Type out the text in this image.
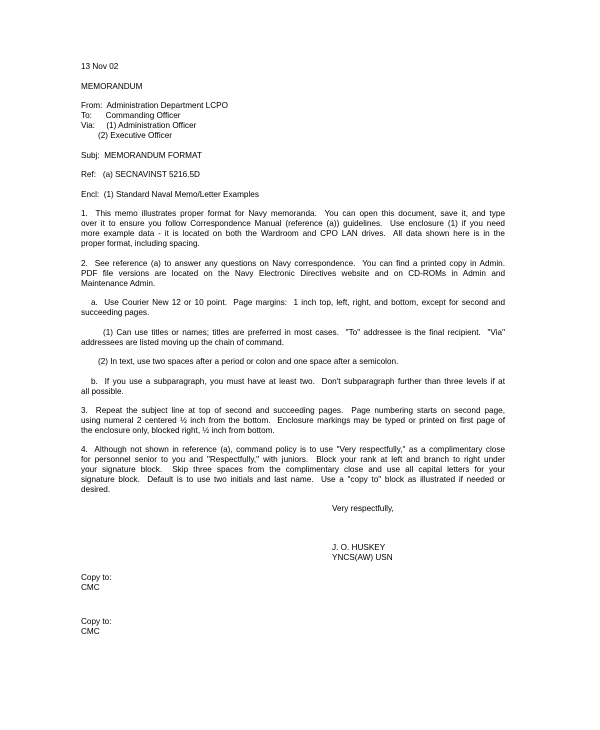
13 Nov 02
MEMORANDUM
From:  Administration Department LCPO
To:      Commanding Officer
Via:     (1) Administration Officer
(2) Executive Officer
Subj:  MEMORANDUM FORMAT
Ref:   (a) SECNAVINST 5216.5D
Encl:  (1) Standard Naval Memo/Letter Examples
1.  This memo illustrates proper format for Navy memoranda.  You can open this document, save it, and type
over it to ensure you follow Correspondence Manual (reference (a)) guidelines.  Use enclosure (1) if you need
more example data - it is located on both the Wardroom and CPO LAN drives.  All data shown here is in the
proper format, including spacing.
2.  See reference (a) to answer any questions on Navy correspondence.  You can find a printed copy in Admin.
PDF file versions are located on the Navy Electronic Directives website and on CD-ROMs in Admin and
Maintenance Admin.
a.  Use Courier New 12 or 10 point.  Page margins:  1 inch top, left, right, and bottom, except for second and
succeeding pages.
(1) Can use titles or names; titles are preferred in most cases.  "To" addressee is the final recipient.  "Via"
addressees are listed moving up the chain of command.
(2) In text, use two spaces after a period or colon and one space after a semicolon.
b.  If you use a subparagraph, you must have at least two.  Don't subparagraph further than three levels if at
all possible.
3.  Repeat the subject line at top of second and succeeding pages.  Page numbering starts on second page,
using numeral 2 centered ½ inch from the bottom.  Enclosure markings may be typed or printed on first page of
the enclosure only, blocked right, ½ inch from bottom.
4.  Although not shown in reference (a), command policy is to use "Very respectfully," as a complimentary close
for personnel senior to you and "Respectfully," with juniors.  Block your rank at left and branch to right under
your signature block.  Skip three spaces from the complimentary close and use all capital letters for your
signature block.  Default is to use two initials and last name.  Use a "copy to" block as illustrated if needed or
desired.
Very respectfully,
J. O. HUSKEY
YNCS(AW) USN
Copy to:
CMC
Copy to:
CMC
